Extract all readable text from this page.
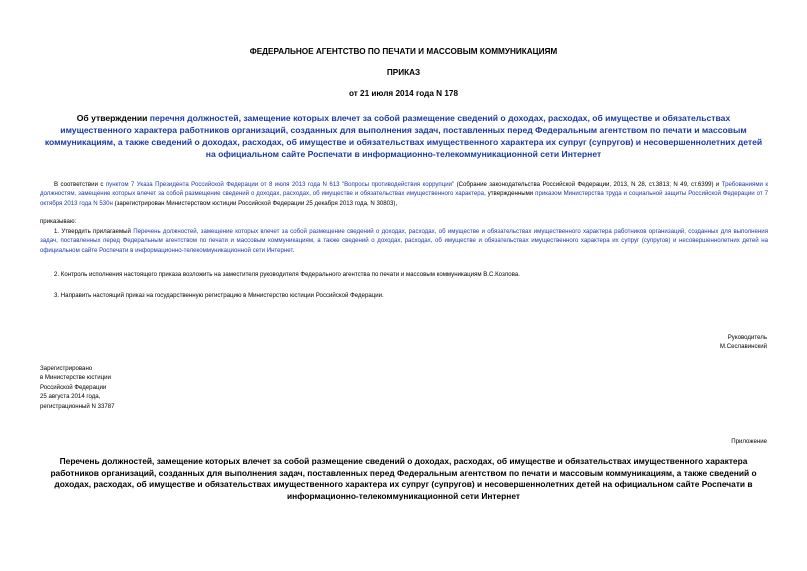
ФЕДЕРАЛЬНОЕ АГЕНТСТВО ПО ПЕЧАТИ И МАССОВЫМ КОММУНИКАЦИЯМ
ПРИКАЗ
от 21 июля 2014 года N 178
Об утверждении перечня должностей, замещение которых влечет за собой размещение сведений о доходах, расходах, об имуществе и обязательствах имущественного характера работников организаций, созданных для выполнения задач, поставленных перед Федеральным агентством по печати и массовым коммуникациям, а также сведений о доходах, расходах, об имуществе и обязательствах имущественного характера их супруг (супругов) и несовершеннолетних детей на официальном сайте Роспечати в информационно-телекоммуникационной сети Интернет
В соответствии с пунктом 7 Указа Президента Российской Федерации от 8 июля 2013 года N 613 "Вопросы противодействия коррупции" (Собрание законодательства Российской Федерации, 2013, N 28, ст.3813; N 49, ст.6399) и Требованиями к должностям, замещение которых влечет за собой размещение сведений о доходах, расходах, об имуществе и обязательствах имущественного характера, утвержденными приказом Министерства труда и социальной защиты Российской Федерации от 7 октября 2013 года N 530н (зарегистрирован Министерством юстиции Российской Федерации 25 декабря 2013 года, N 30803),
приказываю:
1. Утвердить прилагаемый Перечень должностей, замещение которых влечет за собой размещение сведений о доходах, расходах, об имуществе и обязательствах имущественного характера работников организаций, созданных для выполнения задач, поставленных перед Федеральным агентством по печати и массовым коммуникациям, а также сведений о доходах, расходах, об имуществе и обязательствах имущественного характера их супруг (супругов) и несовершеннолетних детей на официальном сайте Роспечати в информационно-телекоммуникационной сети Интернет.
2. Контроль исполнения настоящего приказа возложить на заместителя руководителя Федерального агентства по печати и массовым коммуникациям В.С.Козлова.
3. Направить настоящий приказ на государственную регистрацию в Министерство юстиции Российской Федерации.
Руководитель
М.Сеславинский
Зарегистрировано
в Министерстве юстиции
Российской Федерации
25 августа 2014 года,
регистрационный N 33787
Приложение
Перечень должностей, замещение которых влечет за собой размещение сведений о доходах, расходах, об имуществе и обязательствах имущественного характера работников организаций, созданных для выполнения задач, поставленных перед Федеральным агентством по печати и массовым коммуникациям, а также сведений о доходах, расходах, об имуществе и обязательствах имущественного характера их супруг (супругов) и несовершеннолетних детей на официальном сайте Роспечати в информационно-телекоммуникационной сети Интернет
